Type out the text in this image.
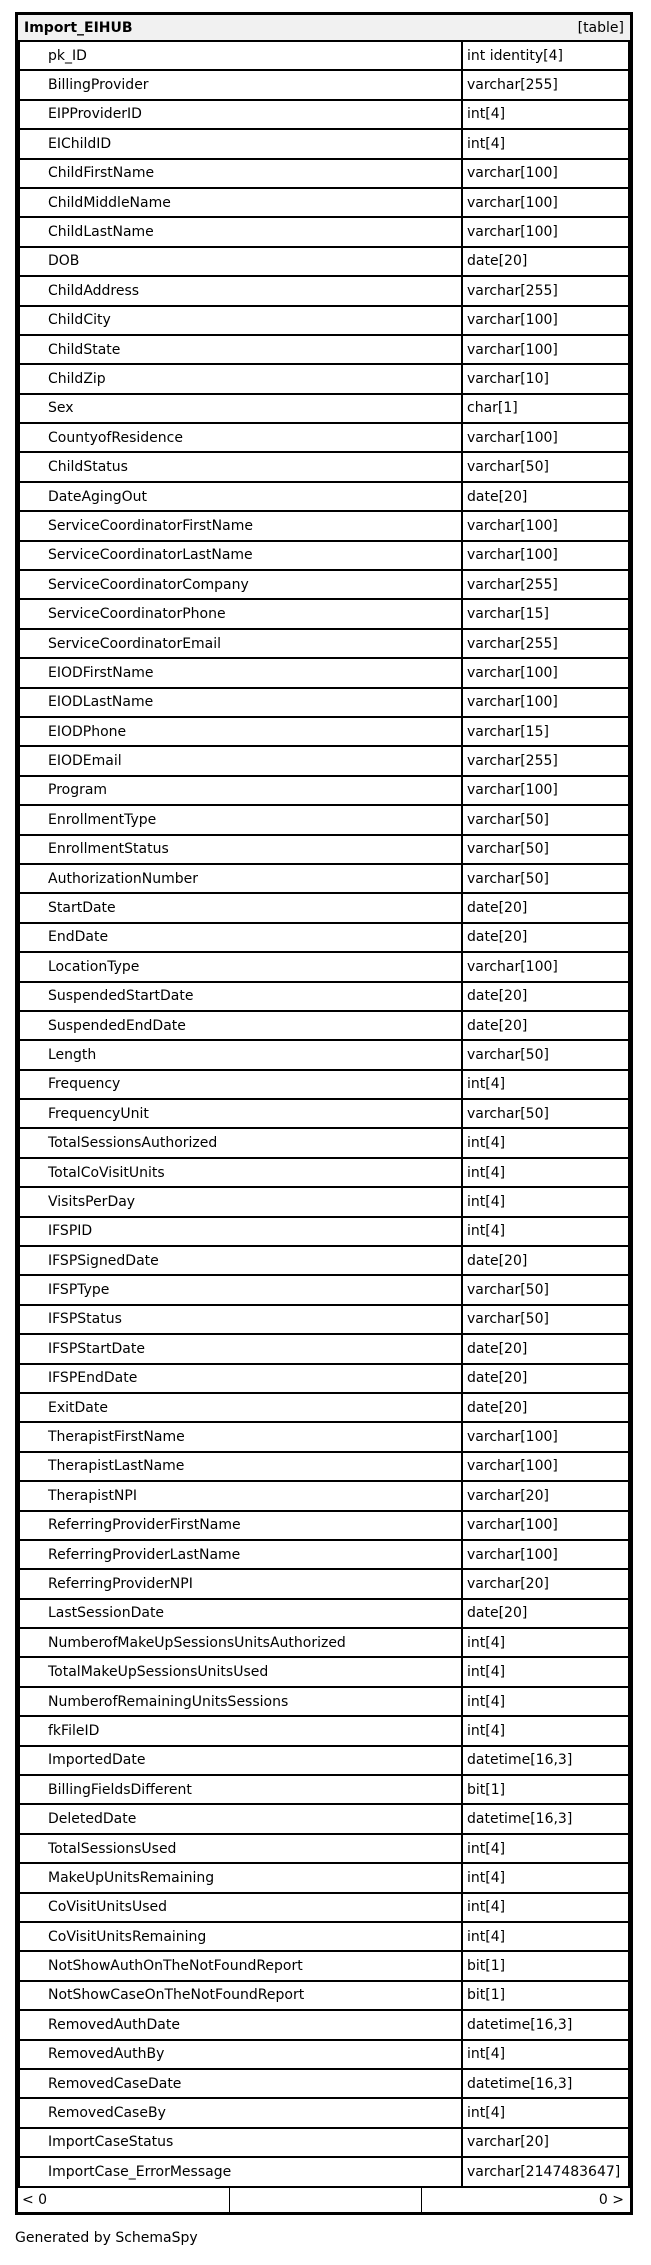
Import_EIHUB	[table]
pk_ID	int identity[4]
BillingProvider	varchar[255]
EIPProviderID	int[4]
EIChildID	int[4]
ChildFirstName	varchar[100]
ChildMiddleName	varchar[100]
ChildLastName	varchar[100]
DOB	date[20]
ChildAddress	varchar[255]
ChildCity	varchar[100]
ChildState	varchar[100]
ChildZip	varchar[10]
Sex	char[1]
CountyofResidence	varchar[100]
ChildStatus	varchar[50]
DateAgingOut	date[20]
ServiceCoordinatorFirstName	varchar[100]
ServiceCoordinatorLastName	varchar[100]
ServiceCoordinatorCompany	varchar[255]
ServiceCoordinatorPhone	varchar[15]
ServiceCoordinatorEmail	varchar[255]
EIODFirstName	varchar[100]
EIODLastName	varchar[100]
EIODPhone	varchar[15]
EIODEmail	varchar[255]
Program	varchar[100]
EnrollmentType	varchar[50]
EnrollmentStatus	varchar[50]
AuthorizationNumber	varchar[50]
StartDate	date[20]
EndDate	date[20]
LocationType	varchar[100]
SuspendedStartDate	date[20]
SuspendedEndDate	date[20]
Length	varchar[50]
Frequency	int[4]
FrequencyUnit	varchar[50]
TotalSessionsAuthorized	int[4]
TotalCoVisitUnits	int[4]
VisitsPerDay	int[4]
IFSPID	int[4]
IFSPSignedDate	date[20]
IFSPType	varchar[50]
IFSPStatus	varchar[50]
IFSPStartDate	date[20]
IFSPEndDate	date[20]
ExitDate	date[20]
TherapistFirstName	varchar[100]
TherapistLastName	varchar[100]
TherapistNPI	varchar[20]
ReferringProviderFirstName	varchar[100]
ReferringProviderLastName	varchar[100]
ReferringProviderNPI	varchar[20]
LastSessionDate	date[20]
NumberofMakeUpSessionsUnitsAuthorized	int[4]
TotalMakeUpSessionsUnitsUsed	int[4]
NumberofRemainingUnitsSessions	int[4]
fkFileID	int[4]
ImportedDate	datetime[16,3]
BillingFieldsDifferent	bit[1]
DeletedDate	datetime[16,3]
TotalSessionsUsed	int[4]
MakeUpUnitsRemaining	int[4]
CoVisitUnitsUsed	int[4]
CoVisitUnitsRemaining	int[4]
NotShowAuthOnTheNotFoundReport	bit[1]
NotShowCaseOnTheNotFoundReport	bit[1]
RemovedAuthDate	datetime[16,3]
RemovedAuthBy	int[4]
RemovedCaseDate	datetime[16,3]
RemovedCaseBy	int[4]
ImportCaseStatus	varchar[20]
ImportCase_ErrorMessage	varchar[2147483647]
< 0	0 >
Generated by SchemaSpy
